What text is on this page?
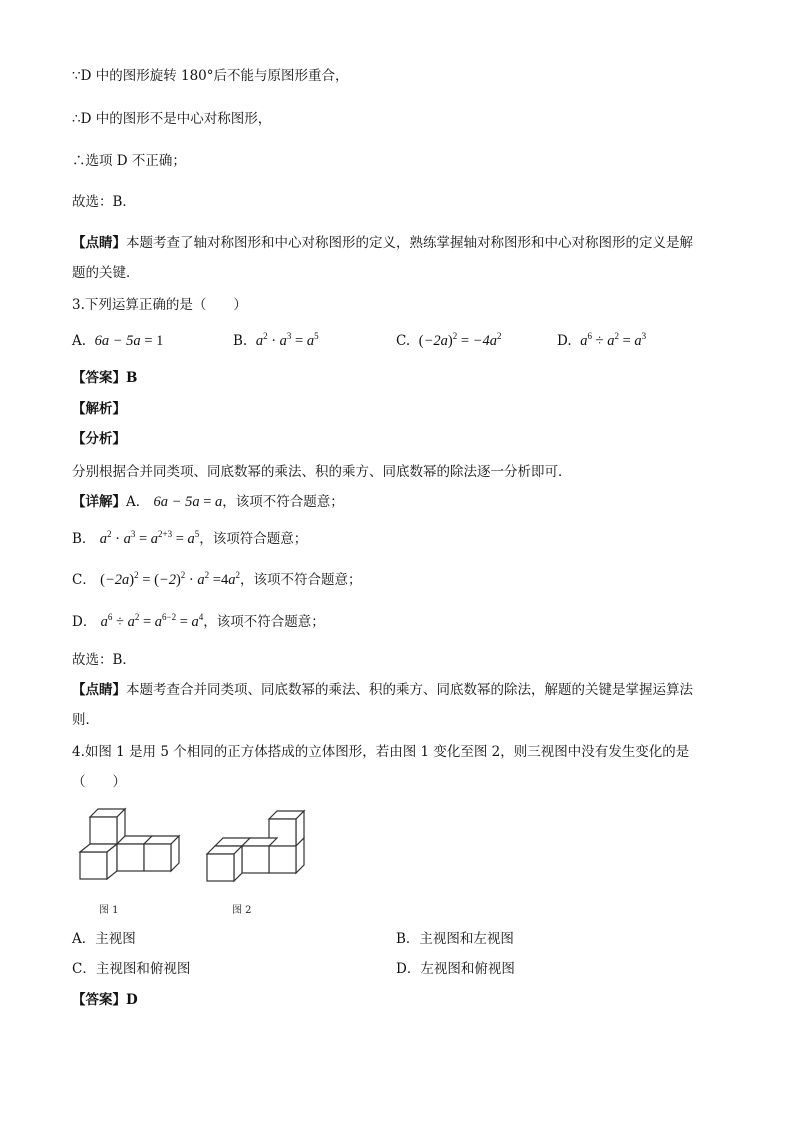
∵D 中的图形旋转 180°后不能与原图形重合，
∴D 中的图形不是中心对称图形，
∴选项 D 不正确；
故选：B．
【点睛】本题考查了轴对称图形和中心对称图形的定义，熟练掌握轴对称图形和中心对称图形的定义是解
题的关键．
3.下列运算正确的是（　　）
A. 6a − 5a = 1	B. $a^2 \cdot a^3 = a^5$	C. $(-2a)^2 = -4a^2$	D. $a^6 \div a^2 = a^3$
【答案】B
【解析】
【分析】
分别根据合并同类项、同底数幂的乘法、积的乘方、同底数幂的除法逐一分析即可．
【详解】A． 6a − 5a = a，该项不符合题意；
B． $a^2 \cdot a^3 = a^{2+3} = a^5$，该项符合题意；
C． $(-2a)^2 = (-2)^2 \cdot a^2 =4a^2$，该项不符合题意；
D． $a^6 \div a^2 = a^{6-2} = a^4$，该项不符合题意；
故选：B．
【点睛】本题考查合并同类项、同底数幂的乘法、积的乘方、同底数幂的除法，解题的关键是掌握运算法
则．
4.如图 1 是用 5 个相同的正方体搭成的立体图形，若由图 1 变化至图 2，则三视图中没有发生变化的是
（　　）
图 1	图 2
A．主视图	B．主视图和左视图
C．主视图和俯视图	D．左视图和俯视图
【答案】D
